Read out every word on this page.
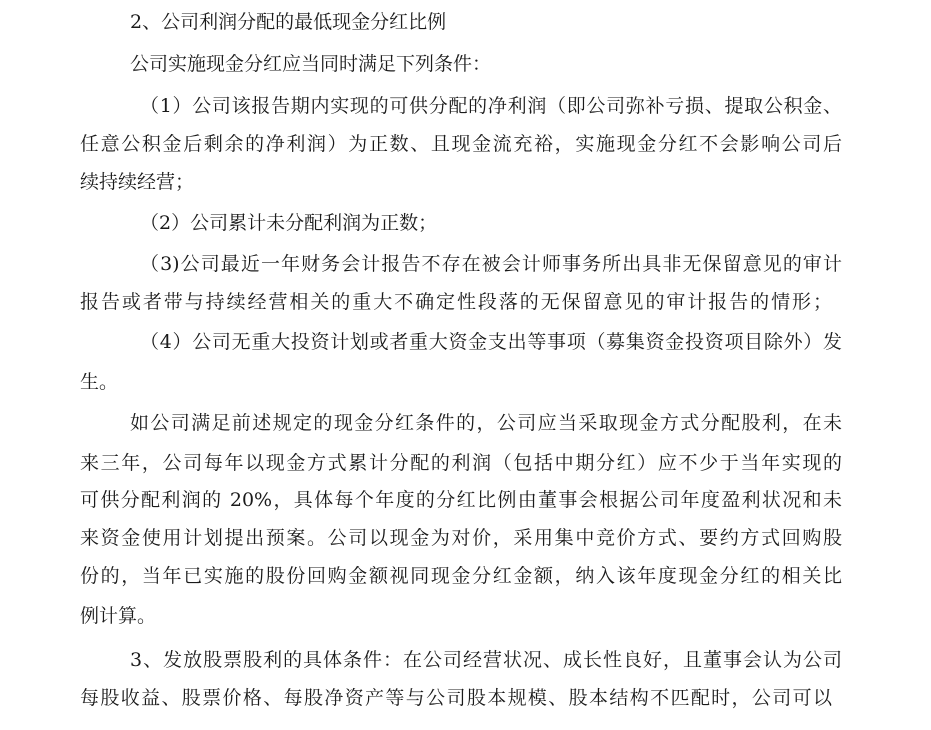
2、公司利润分配的最低现金分红比例
公司实施现金分红应当同时满足下列条件：
（1）公司该报告期内实现的可供分配的净利润（即公司弥补亏损、提取公积金、
任意公积金后剩余的净利润）为正数、且现金流充裕，实施现金分红不会影响公司后
续持续经营；
（2）公司累计未分配利润为正数；
（3)公司最近一年财务会计报告不存在被会计师事务所出具非无保留意见的审计
报告或者带与持续经营相关的重大不确定性段落的无保留意见的审计报告的情形；
（4）公司无重大投资计划或者重大资金支出等事项（募集资金投资项目除外）发
生。
如公司满足前述规定的现金分红条件的，公司应当采取现金方式分配股利，在未
来三年，公司每年以现金方式累计分配的利润（包括中期分红）应不少于当年实现的
可供分配利润的 20%，具体每个年度的分红比例由董事会根据公司年度盈利状况和未
来资金使用计划提出预案。公司以现金为对价，采用集中竞价方式、要约方式回购股
份的，当年已实施的股份回购金额视同现金分红金额，纳入该年度现金分红的相关比
例计算。
3、发放股票股利的具体条件：在公司经营状况、成长性良好，且董事会认为公司
每股收益、股票价格、每股净资产等与公司股本规模、股本结构不匹配时，公司可以
